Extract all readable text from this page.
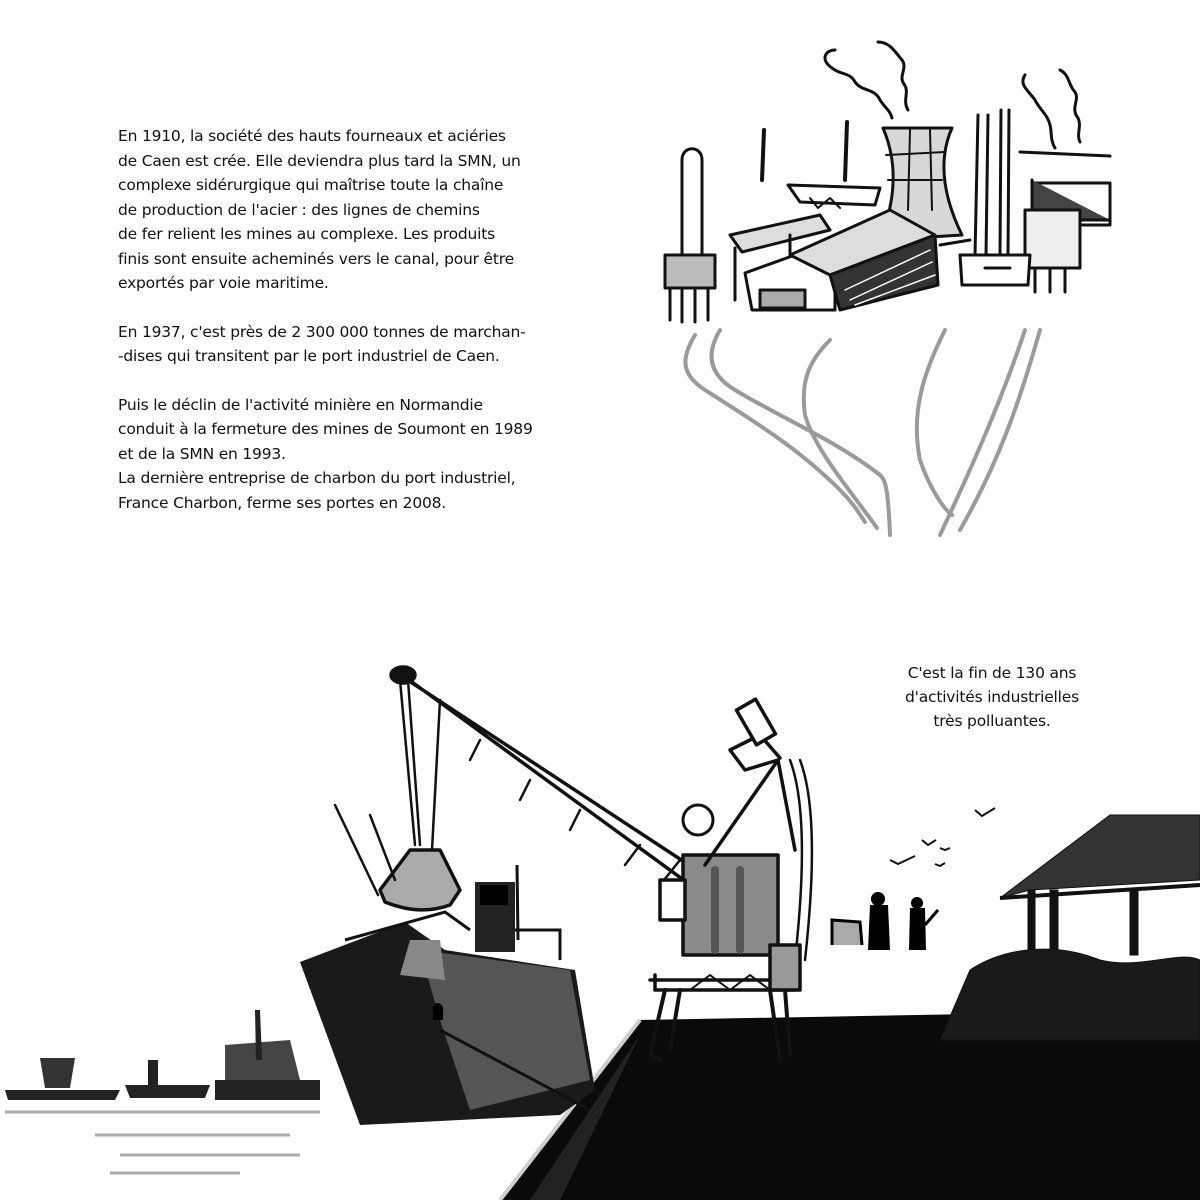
En 1910, la société des hauts fourneaux et aciéries

de Caen est crée. Elle deviendra plus tard la SMN, un

complexe sidérurgique qui maîtrise toute la chaîne

de production de l'acier : des lignes de chemins

de fer relient les mines au complexe. Les produits

finis sont ensuite acheminés vers le canal, pour être

exportés par voie maritime.

En 1937, c'est près de 2 300 000 tonnes de marchan-

-dises qui transitent par le port industriel de Caen.

Puis le déclin de l'activité minière en Normandie

conduit à la fermeture des mines de Soumont en 1989

et de la SMN en 1993.

La dernière entreprise de charbon du port industriel,

France Charbon, ferme ses portes en 2008.

C'est la fin de 130 ans

d'activités industrielles

très polluantes.
